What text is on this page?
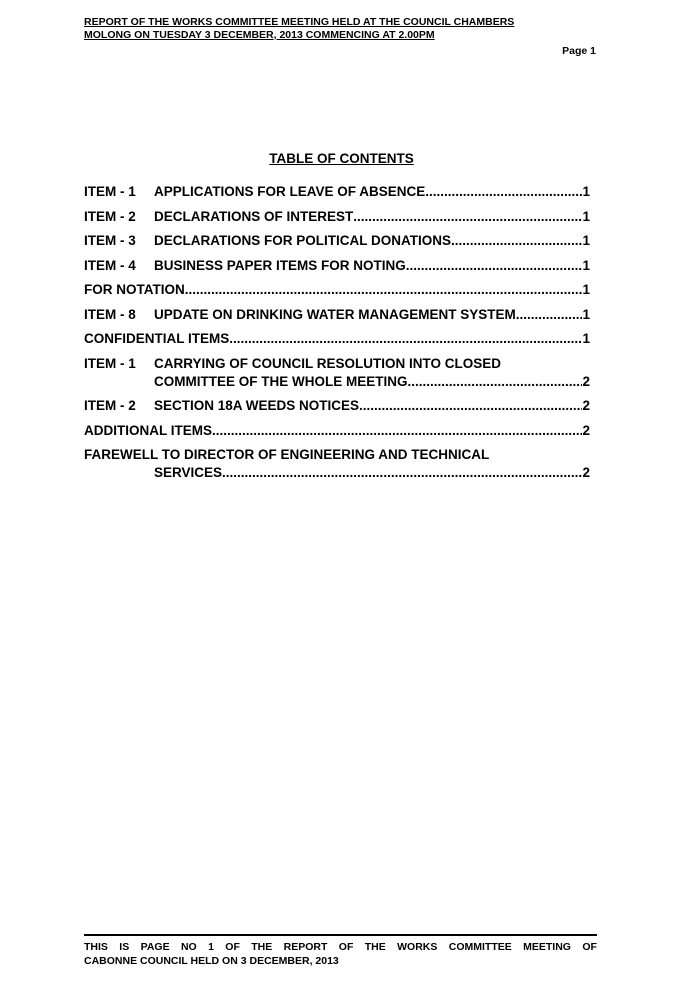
REPORT OF THE WORKS COMMITTEE MEETING HELD AT THE COUNCIL CHAMBERS
MOLONG ON TUESDAY 3 DECEMBER, 2013 COMMENCING AT 2.00PM
Page 1
TABLE OF CONTENTS
ITEM - 1	APPLICATIONS FOR LEAVE OF ABSENCE .....	1
ITEM - 2	DECLARATIONS OF INTEREST .....	1
ITEM - 3	DECLARATIONS FOR POLITICAL DONATIONS .....	1
ITEM - 4	BUSINESS PAPER ITEMS FOR NOTING .....	1
FOR NOTATION .....	1
ITEM - 8	UPDATE ON DRINKING WATER MANAGEMENT SYSTEM .....	1
CONFIDENTIAL ITEMS .....	1
ITEM - 1	CARRYING OF COUNCIL RESOLUTION INTO CLOSED
COMMITTEE OF THE WHOLE MEETING .....	2
ITEM - 2	SECTION 18A WEEDS NOTICES .....	2
ADDITIONAL ITEMS .....	2
FAREWELL TO DIRECTOR OF ENGINEERING AND TECHNICAL
SERVICES .....	2
THIS IS PAGE NO 1 OF THE REPORT OF THE WORKS COMMITTEE MEETING OF
CABONNE COUNCIL HELD ON 3 DECEMBER, 2013
